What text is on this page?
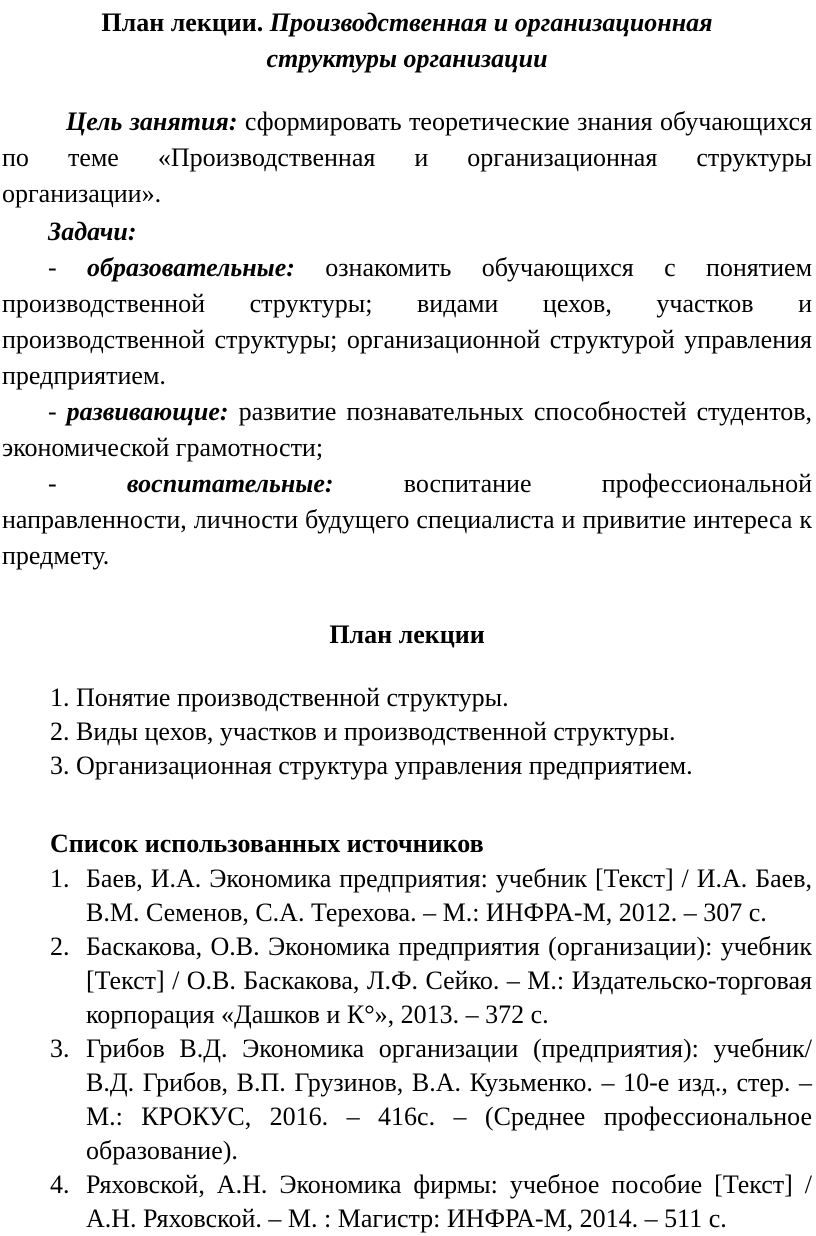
План лекции. Производственная и организационная
структуры организации

Цель занятия: сформировать теоретические знания обучающихся по теме «Производственная и организационная структуры организации».

Задачи:

- образовательные: ознакомить обучающихся с понятием производственной структуры; видами цехов, участков и производственной структуры; организационной структурой управления предприятием.

- развивающие: развитие познавательных способностей студентов, экономической грамотности;

-	воспитательные:	воспитание профессиональной направленности, личности будущего специалиста и привитие интереса к предмету.

План лекции
1. Понятие производственной структуры.
2. Виды цехов, участков и производственной структуры.
3. Организационная структура управления предприятием.
Список использованных источников
1. Баев, И.А. Экономика предприятия: учебник [Текст] / И.А. Баев, В.М. Семенов, С.А. Терехова. – М.: ИНФРА-М, 2012. – 307 с.
2. Баскакова, О.В. Экономика предприятия (организации): учебник [Текст] / О.В. Баскакова, Л.Ф. Сейко. – М.: Издательско-торговая корпорация «Дашков и К°», 2013. – 372 с.
3. Грибов В.Д. Экономика организации (предприятия): учебник/ В.Д. Грибов, В.П. Грузинов, В.А. Кузьменко. – 10-е изд., стер. – М.: КРОКУС, 2016. – 416с. – (Среднее профессиональное образование).
4. Ряховской, А.Н. Экономика фирмы: учебное пособие [Текст] / А.Н. Ряховской. – М. : Магистр: ИНФРА-М, 2014. – 511 с.
